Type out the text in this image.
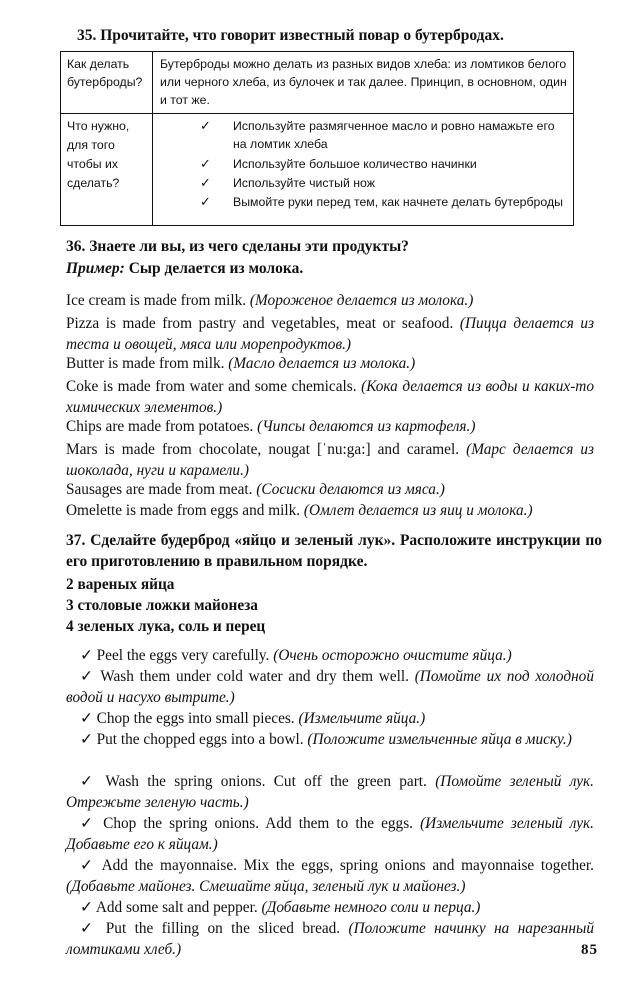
35. Прочитайте, что говорит известный повар о бутербродах.
Как делать бутерброды?
Бутерброды можно делать из разных видов хлеба: из ломтиков белого или черного хлеба, из булочек и так далее. Принцип, в основном, один и тот же.
Что нужно, для того чтобы их сделать?
✓ Используйте размягченное масло и ровно намажьте его на ломтик хлеба
✓ Используйте большое количество начинки
✓ Используйте чистый нож
✓ Вымойте руки перед тем, как начнете делать бутерброды
36. Знаете ли вы, из чего сделаны эти продукты?
Пример: Сыр делается из молока.
Ice cream is made from milk. (Мороженое делается из молока.)
Pizza is made from pastry and vegetables, meat or seafood. (Пицца делается из теста и овощей, мяса или морепродуктов.)
Butter is made from milk. (Масло делается из молока.)
Coke is made from water and some chemicals. (Кока делается из воды и каких-то химических элементов.)
Chips are made from potatoes. (Чипсы делаются из картофеля.)
Mars is made from chocolate, nougat [ˈnu:ga:] and caramel. (Марс делается из шоколада, нуги и карамели.)
Sausages are made from meat. (Сосиски делаются из мяса.)
Omelette is made from eggs and milk. (Омлет делается из яиц и молока.)
37. Сделайте будерброд «яйцо и зеленый лук». Расположите инструкции по его приготовлению в правильном порядке.
2 вареных яйца
3 столовые ложки майонеза
4 зеленых лука, соль и перец
✓ Peel the eggs very carefully. (Очень осторожно очистите яйца.)
✓ Wash them under cold water and dry them well. (Помойте их под холодной водой и насухо вытрите.)
✓ Chop the eggs into small pieces. (Измельчите яйца.)
✓ Put the chopped eggs into a bowl. (Положите измельченные яйца в миску.)
✓ Wash the spring onions. Cut off the green part. (Помойте зеленый лук. Отрежьте зеленую часть.)
✓ Chop the spring onions. Add them to the eggs. (Измельчите зеленый лук. Добавьте его к яйцам.)
✓ Add the mayonnaise. Mix the eggs, spring onions and mayonnaise together. (Добавьте майонез. Смешайте яйца, зеленый лук и майонез.)
✓ Add some salt and pepper. (Добавьте немного соли и перца.)
✓ Put the filling on the sliced bread. (Положите начинку на нарезанный ломтиками хлеб.)	85
